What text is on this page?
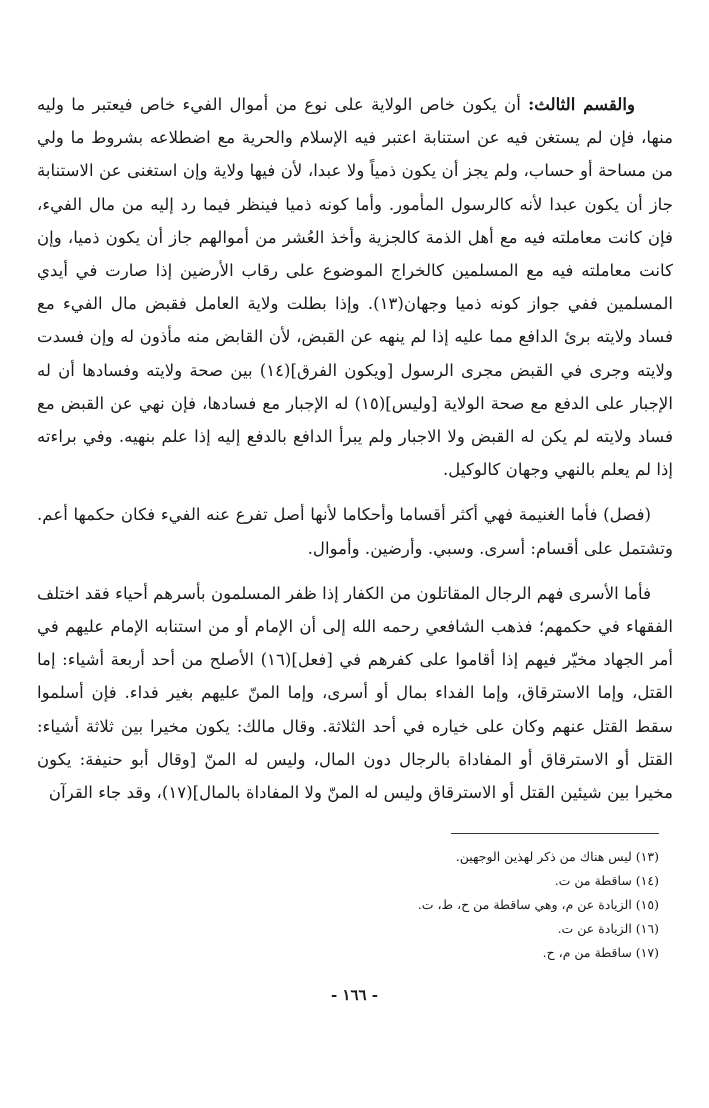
والقسم الثالث: أن يكون خاص الولاية على نوع من أموال الفيء خاص فيعتبر ما وليه منها، فإن لم يستغن فيه عن استنابة اعتبر فيه الإسلام والحرية مع اضطلاعه بشروط ما ولي من مساحة أو حساب، ولم يجز أن يكون ذمياً ولا عبدا، لأن فيها ولاية وإن استغنى عن الاستنابة جاز أن يكون عبدا لأنه كالرسول المأمور. وأما كونه ذميا فينظر فيما رد إليه من مال الفيء، فإن كانت معاملته فيه مع أهل الذمة كالجزية وأخذ العُشر من أموالهم جاز أن يكون ذميا، وإن كانت معاملته فيه مع المسلمين كالخراج الموضوع على رقاب الأرضين إذا صارت في أيدي المسلمين ففي جواز كونه ذميا وجهان(١٣). وإذا بطلت ولاية العامل فقبض مال الفيء مع فساد ولايته برئ الدافع مما عليه إذا لم ينهه عن القبض، لأن القابض منه مأذون له وإن فسدت ولايته وجرى في القبض مجرى الرسول [ويكون الفرق](١٤) بين صحة ولايته وفسادها أن له الإجبار على الدفع مع صحة الولاية [وليس](١٥) له الإجبار مع فسادها، فإن نهي عن القبض مع فساد ولايته لم يكن له القبض ولا الاجبار ولم يبرأ الدافع بالدفع إليه إذا علم بنهيه. وفي براءته إذا لم يعلم بالنهي وجهان كالوكيل.

(فصل) فأما الغنيمة فهي أكثر أقساما وأحكاما لأنها أصل تفرع عنه الفيء فكان حكمها أعم. وتشتمل على أقسام: أسرى. وسبي. وأرضين. وأموال.

فأما الأسرى فهم الرجال المقاتلون من الكفار إذا ظفر المسلمون بأسرهم أحياء فقد اختلف الفقهاء في حكمهم؛ فذهب الشافعي رحمه الله إلى أن الإمام أو من استنابه الإمام عليهم في أمر الجهاد مخيّر فيهم إذا أقاموا على كفرهم في [فعل](١٦) الأصلح من أحد أربعة أشياء: إما القتل، وإما الاسترقاق، وإما الفداء بمال أو أسرى، وإما المنّ عليهم بغير فداء. فإن أسلموا سقط القتل عنهم وكان على خياره في أحد الثلاثة. وقال مالك: يكون مخيرا بين ثلاثة أشياء: القتل أو الاسترقاق أو المفاداة بالرجال دون المال، وليس له المنّ [وقال أبو حنيفة: يكون مخيرا بين شيئين القتل أو الاسترقاق وليس له المنّ ولا المفاداة بالمال](١٧)، وقد جاء القرآن

(١٣) ليس هناك من ذكر لهذين الوجهين.

(١٤) ساقطة من ت.

(١٥) الزيادة عن م، وهي ساقطة من ح، ط، ت.

(١٦) الزيادة عن ت.

(١٧) ساقطة من م، ح.

- ١٦٦ -
